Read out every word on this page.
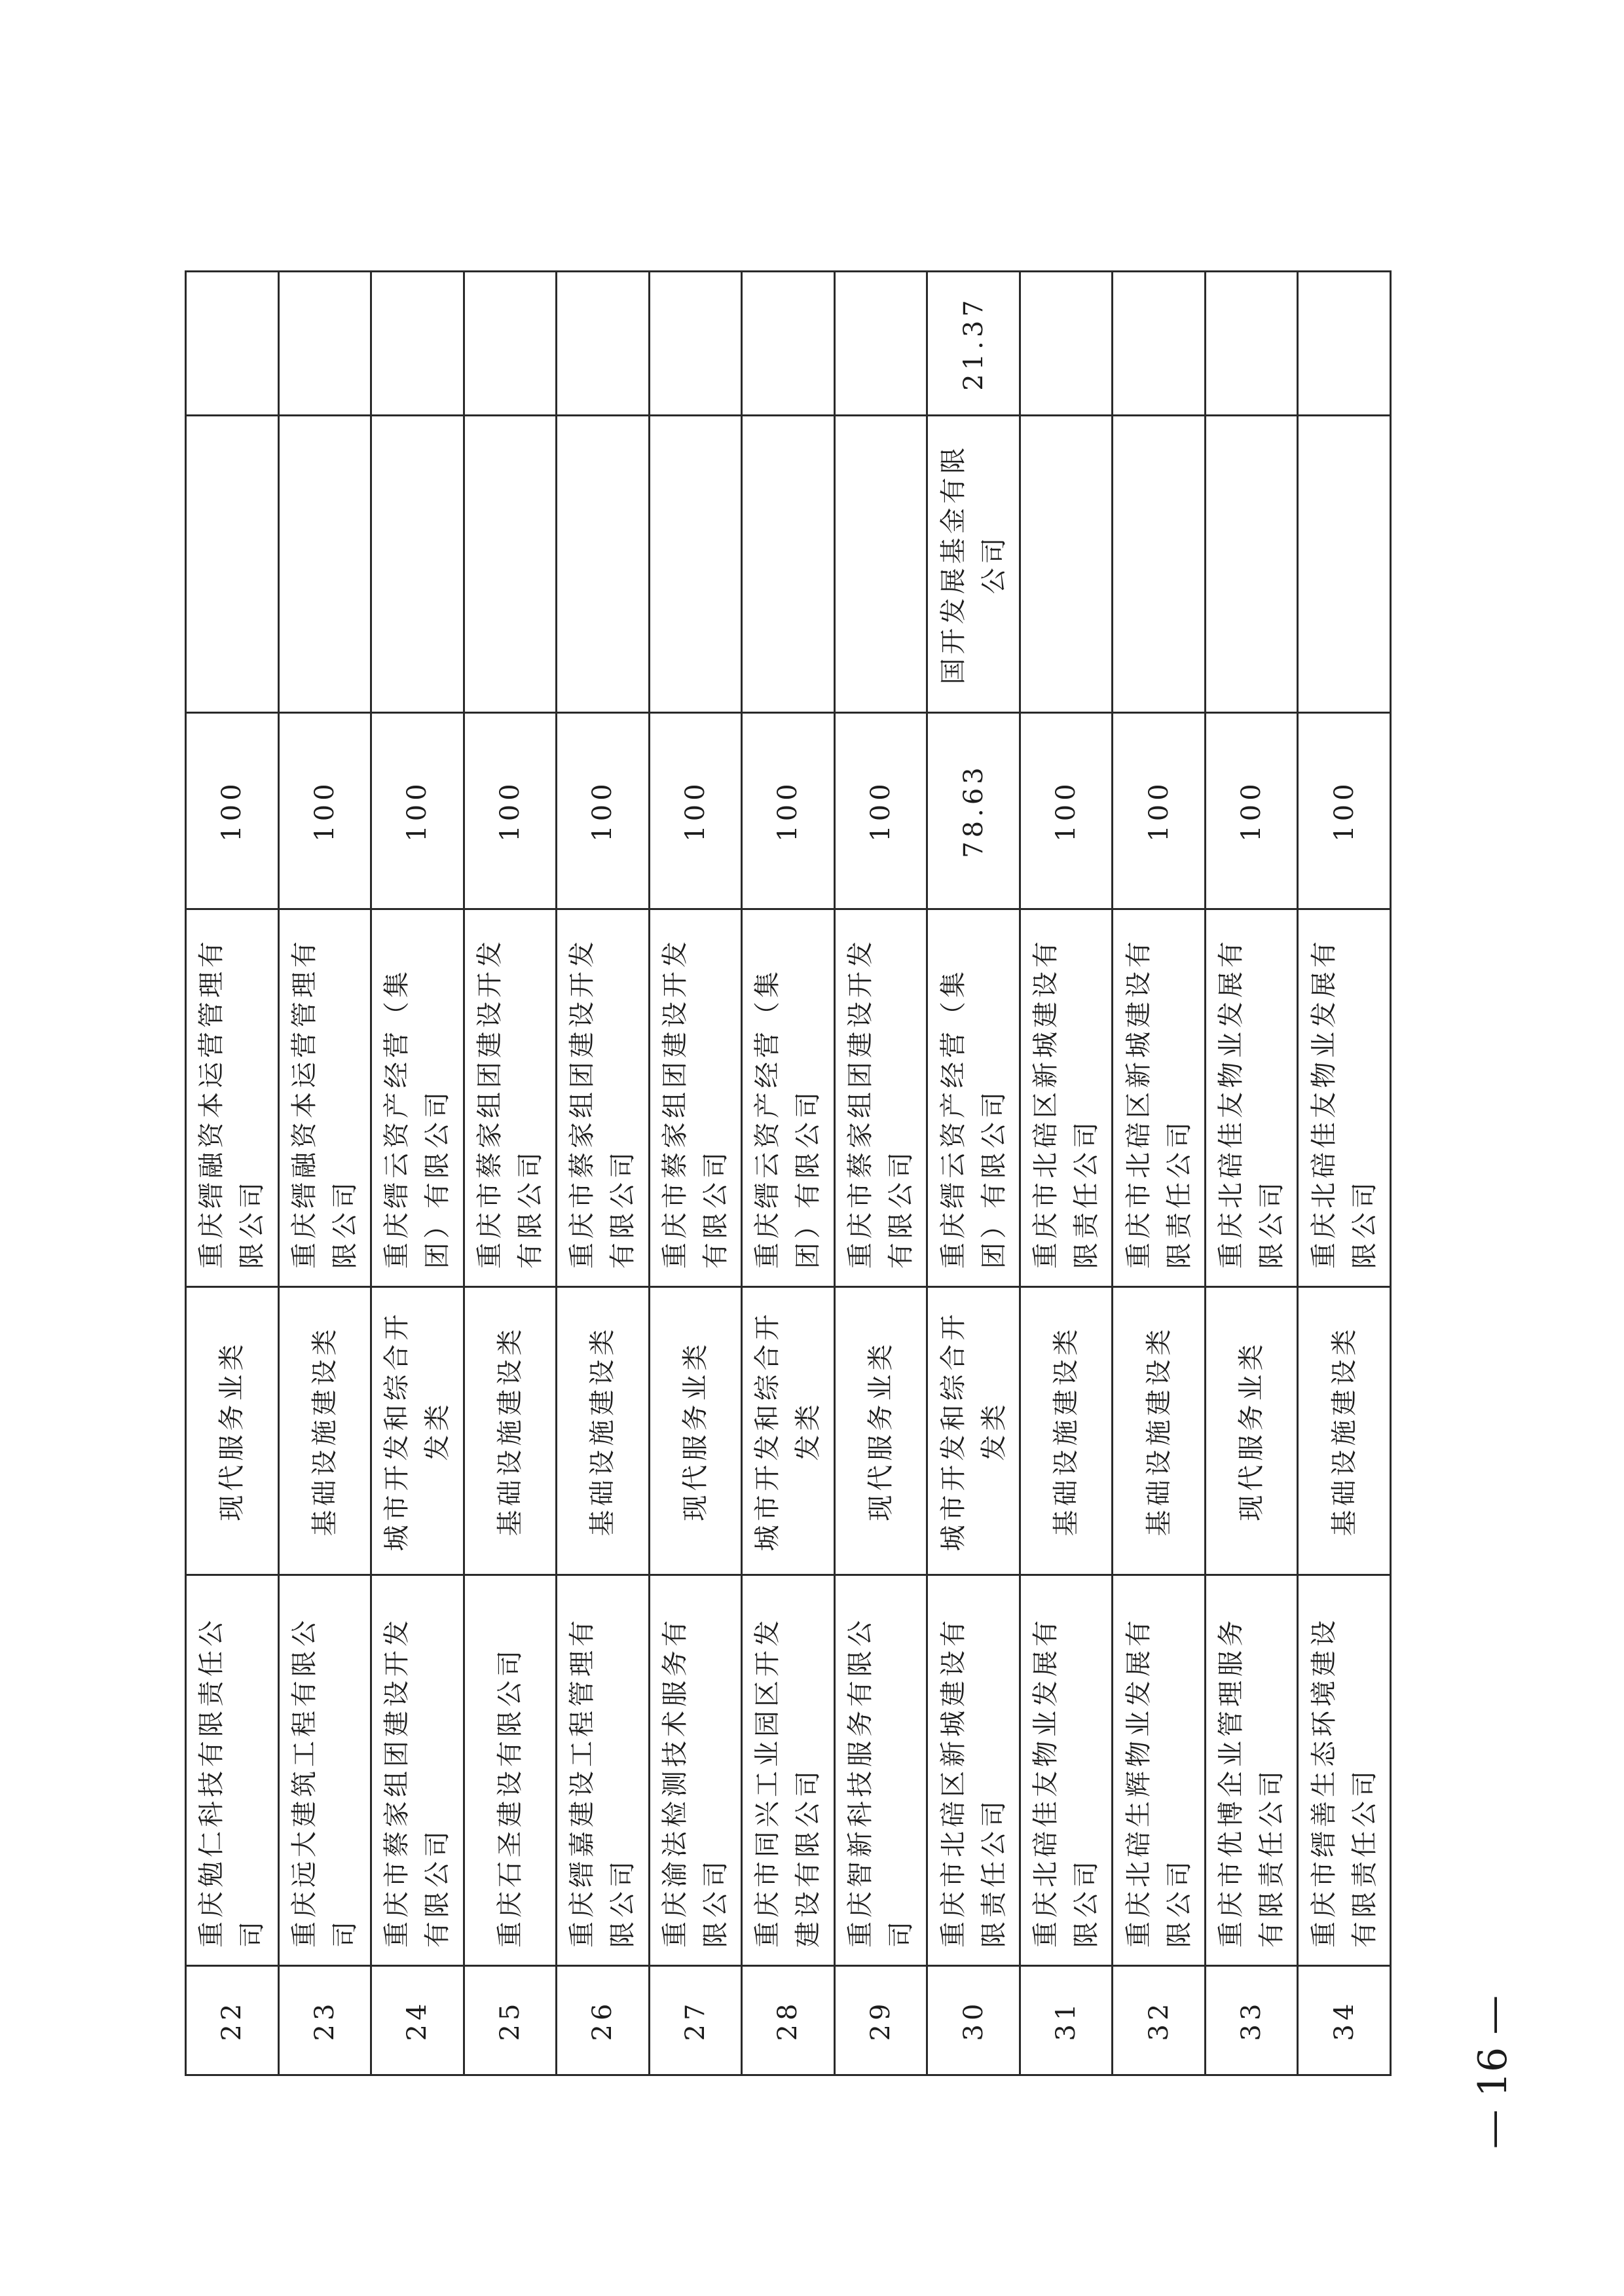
22	重庆勉仁科技有限责任公司	现代服务业类	重庆缙融资本运营管理有限公司	100		
23	重庆远大建筑工程有限公司	基础设施建设类	重庆缙融资本运营管理有限公司	100		
24	重庆市蔡家组团建设开发有限公司	城市开发和综合开发类	重庆缙云资产经营（集团）有限公司	100		
25	重庆石圣建设有限公司	基础设施建设类	重庆市蔡家组团建设开发有限公司	100		
26	重庆缙嘉建设工程管理有限公司	基础设施建设类	重庆市蔡家组团建设开发有限公司	100		
27	重庆渝法检测技术服务有限公司	现代服务业类	重庆市蔡家组团建设开发有限公司	100		
28	重庆市同兴工业园区开发建设有限公司	城市开发和综合开发类	重庆缙云资产经营（集团）有限公司	100		
29	重庆智新科技服务有限公司	现代服务业类	重庆市蔡家组团建设开发有限公司	100		
30	重庆市北碚区新城建设有限责任公司	城市开发和综合开发类	重庆缙云资产经营（集团）有限公司	78.63	国开发展基金有限公司	21.37
31	重庆北碚佳友物业发展有限公司	基础设施建设类	重庆市北碚区新城建设有限责任公司	100		
32	重庆北碚生辉物业发展有限公司	基础设施建设类	重庆市北碚区新城建设有限责任公司	100		
33	重庆市优博企业管理服务有限责任公司	现代服务业类	重庆北碚佳友物业发展有限公司	100		
34	重庆市缙善生态环境建设有限责任公司	基础设施建设类	重庆北碚佳友物业发展有限公司	100		
— 16 —
